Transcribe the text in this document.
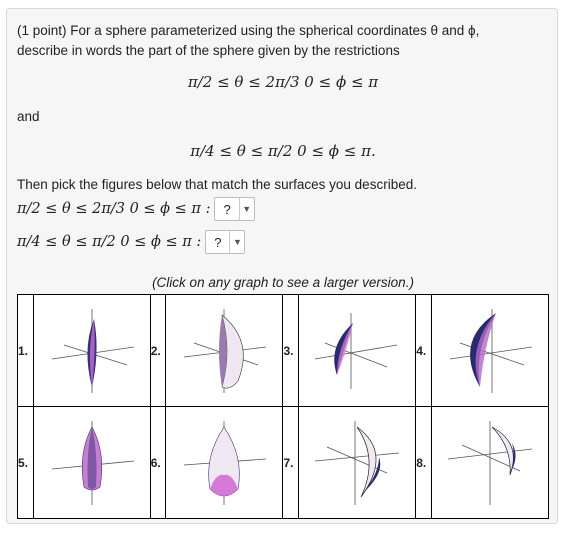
(1 point) For a sphere parameterized using the spherical coordinates θ and ϕ,
describe in words the part of the sphere given by the restrictions
π/2 ≤ θ ≤ 2π/3 0 ≤ ϕ ≤ π
and
π/4 ≤ θ ≤ π/2 0 ≤ ϕ ≤ π.
Then pick the figures below that match the surfaces you described.
π/2 ≤ θ ≤ 2π/3 0 ≤ ϕ ≤ π :	?	▼
π/4 ≤ θ ≤ π/2 0 ≤ ϕ ≤ π :	?	▼
(Click on any graph to see a larger version.)
1.		2.		3.		4.	

5.		6.		7.		8.	
